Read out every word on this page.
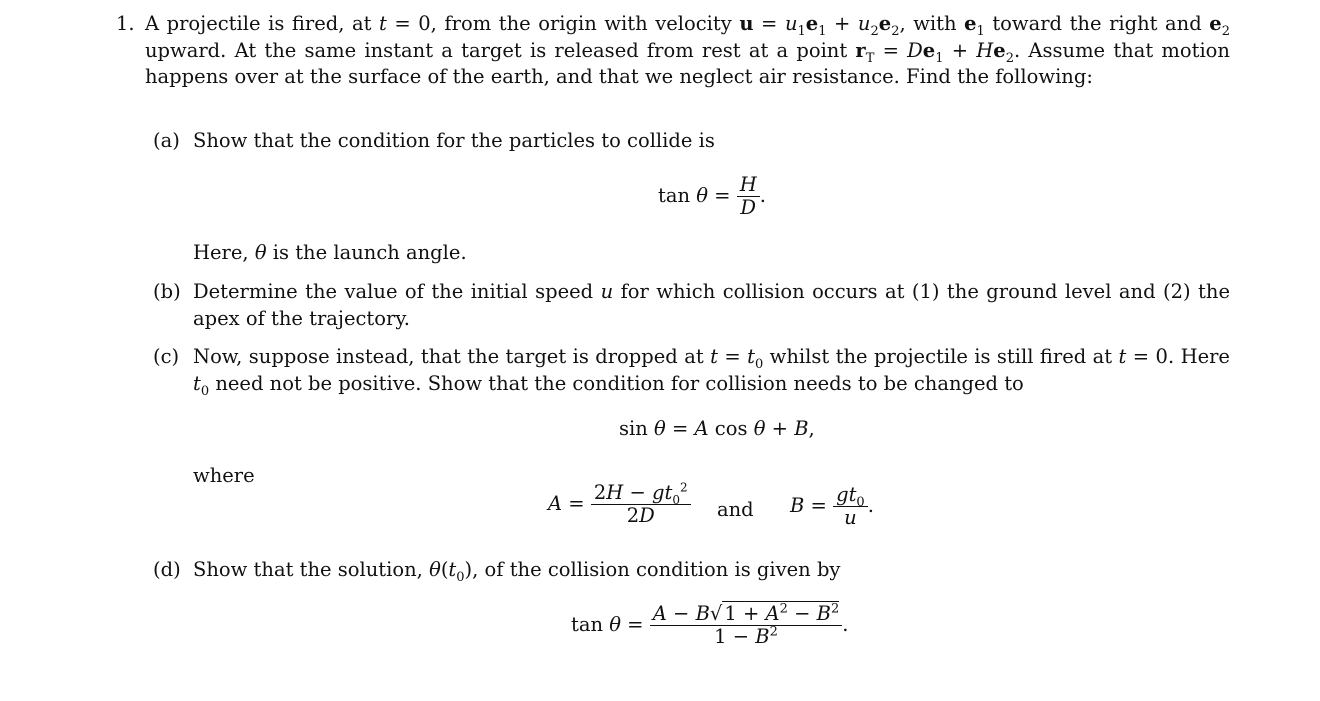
1. A projectile is fired, at t = 0, from the origin with velocity $u = u_1e_1 + u_2e_2$, with $e_1$ toward the right and $e_2$ upward. At the same instant a target is released from rest at a point $r_T = De_1 + He_2$. Assume that motion happens over at the surface of the earth, and that we neglect air resistance. Find the following:
(a) Show that the condition for the particles to collide is
$\tan \theta = \frac{H}{D}$ .
Here, θ is the launch angle.
(b) Determine the value of the initial speed u for which collision occurs at (1) the ground level and (2) the apex of the trajectory.
(c) Now, suppose instead, that the target is dropped at $t = t_0$ whilst the projectile is still fired at t = 0. Here $t_0$ need not be positive. Show that the condition for collision needs to be changed to
sin θ = A cos θ + B,
where
$A = \frac{2H - gt_0^2}{2D}$ and $B = \frac{gt_0}{u}$ .
(d) Show that the solution, $\theta(t_0)$, of the collision condition is given by
$\tan \theta = \frac{A - B√ 1 + A^2 - B^2}{1 - B^2}$ .
